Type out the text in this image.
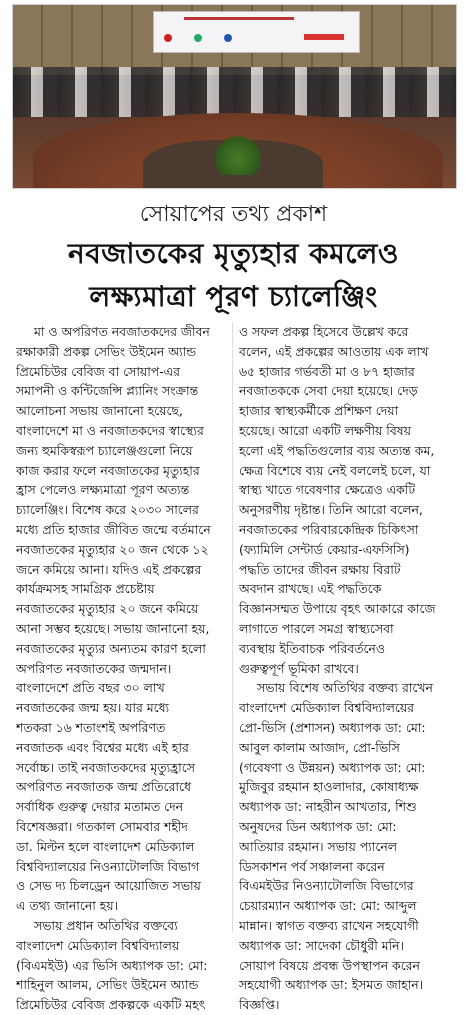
সোয়াপের তথ্য প্রকাশ
নবজাতকের মৃত্যুহার কমলেও
লক্ষ্যমাত্রা পূরণ চ্যালেঞ্জিং
মা ও অপরিণত নবজাতকদের জীবন
রক্ষাকারী প্রকল্প সেভিং উইমেন অ্যান্ড
প্রিমেচিউর বেবিজ বা সোয়াপ-এর
সমাপনী ও কন্টিজেন্সি প্ল্যানিং সংক্রান্ত
আলোচনা সভায় জানানো হয়েছে,
বাংলাদেশে মা ও নবজাতকদের স্বাস্থ্যের
জন্য হুমকিস্বরূপ চ্যালেঞ্জগুলো নিয়ে
কাজ করার ফলে নবজাতকের মৃত্যুহার
হ্রাস পেলেও লক্ষ্যমাত্রা পূরণ অত্যন্ত
চ্যালেঞ্জিং। বিশেষ করে ২০৩০ সালের
মধ্যে প্রতি হাজার জীবিত জন্মে বর্তমানে
নবজাতকের মৃত্যুহার ২০ জন থেকে ১২
জনে কমিয়ে আনা। যদিও এই প্রকল্পের
কার্যক্রমসহ সামগ্রিক প্রচেষ্টায়
নবজাতকের মৃত্যুহার ২০ জনে কমিয়ে
আনা সম্ভব হয়েছে। সভায় জানানো হয়,
নবজাতকের মৃত্যুর অন্যতম কারণ হলো
অপরিণত নবজাতকের জন্মদান।
বাংলাদেশে প্রতি বছর ৩০ লাখ
নবজাতকের জন্ম হয়। যার মধ্যে
শতকরা ১৬ শতাংশই অপরিণত
নবজাতক এবং বিশ্বের মধ্যে এই হার
সর্বোচ্চ। তাই নবজাতকদের মৃত্যুহ্রাসে
অপরিণত নবজাতক জন্ম প্রতিরোধে
সর্বাধিক গুরুত্ব দেয়ার মতামত দেন
বিশেষজ্ঞরা। গতকাল সোমবার শহীদ
ডা. মিল্টন হলে বাংলাদেশ মেডিক্যাল
বিশ্ববিদ্যালয়ের নিওন্যাটোলজি বিভাগ
ও সেভ দ্য চিলড্রেন আয়োজিত সভায়
এ তথ্য জানানো হয়।
সভায় প্রধান অতিথির বক্তব্যে
বাংলাদেশ মেডিক্যাল বিশ্ববিদ্যালয়
(বিএমইউ) এর ভিসি অধ্যাপক ডা: মো:
শাহিনুল আলম, সেভিং উইমেন অ্যান্ড
প্রিমেচিউর বেবিজ প্রকল্পকে একটি মহৎ
ও সফল প্রকল্প হিসেবে উল্লেখ করে
বলেন, এই প্রকল্পের আওতায় এক লাখ
৬৫ হাজার গর্ভবতী মা ও ৮৭ হাজার
নবজাতককে সেবা দেয়া হয়েছে। দেড়
হাজার স্বাস্থ্যকর্মীকে প্রশিক্ষণ দেয়া
হয়েছে। আরো একটি লক্ষণীয় বিষয়
হলো এই পদ্ধতিগুলোর ব্যয় অত্যন্ত কম,
ক্ষেত্র বিশেষে ব্যয় নেই বললেই চলে, যা
স্বাস্থ্য খাতে গবেষণার ক্ষেত্রেও একটি
অনুসরণীয় দৃষ্টান্ত। তিনি আরো বলেন,
নবজাতকের পরিবারকেন্দ্রিক চিকিৎসা
(ফ্যামিলি সেন্টার্ড কেয়ার-এফসিসি)
পদ্ধতি তাদের জীবন রক্ষায় বিরাট
অবদান রাখছে। এই পদ্ধতিকে
বিজ্ঞানসম্মত উপায়ে বৃহৎ আকারে কাজে
লাগাতে পারলে সমগ্র স্বাস্থ্যসেবা
ব্যবস্থায় ইতিবাচক পরিবর্তনেও
গুরুত্বপূর্ণ ভূমিকা রাখবে।
সভায় বিশেষ অতিথির বক্তব্য রাখেন
বাংলাদেশ মেডিক্যাল বিশ্ববিদ্যালয়ের
প্রো-ভিসি (প্রশাসন) অধ্যাপক ডা: মো:
আবুল কালাম আজাদ, প্রো-ভিসি
(গবেষণা ও উন্নয়ন) অধ্যাপক ডা: মো:
মুজিবুর রহমান হাওলাদার, কোষাধ্যক্ষ
অধ্যাপক ডা: নাহরীন আখতার, শিশু
অনুষদের ডিন অধ্যাপক ডা: মো:
আতিয়ার রহমান। সভায় প্যানেল
ডিসকাশন পর্ব সঞ্চালনা করেন
বিএমইউর নিওন্যাটোলজি বিভাগের
চেয়ারম্যান অধ্যাপক ডা: মো: আব্দুল
মান্নান। স্বাগত বক্তব্য রাখেন সহযোগী
অধ্যাপক ডা: সাদেকা চৌধুরী মনি।
সোয়াপ বিষয়ে প্রবন্ধ উপস্থাপন করেন
সহযোগী অধ্যাপক ডা: ইসমত জাহান।
বিজ্ঞপ্তি।
